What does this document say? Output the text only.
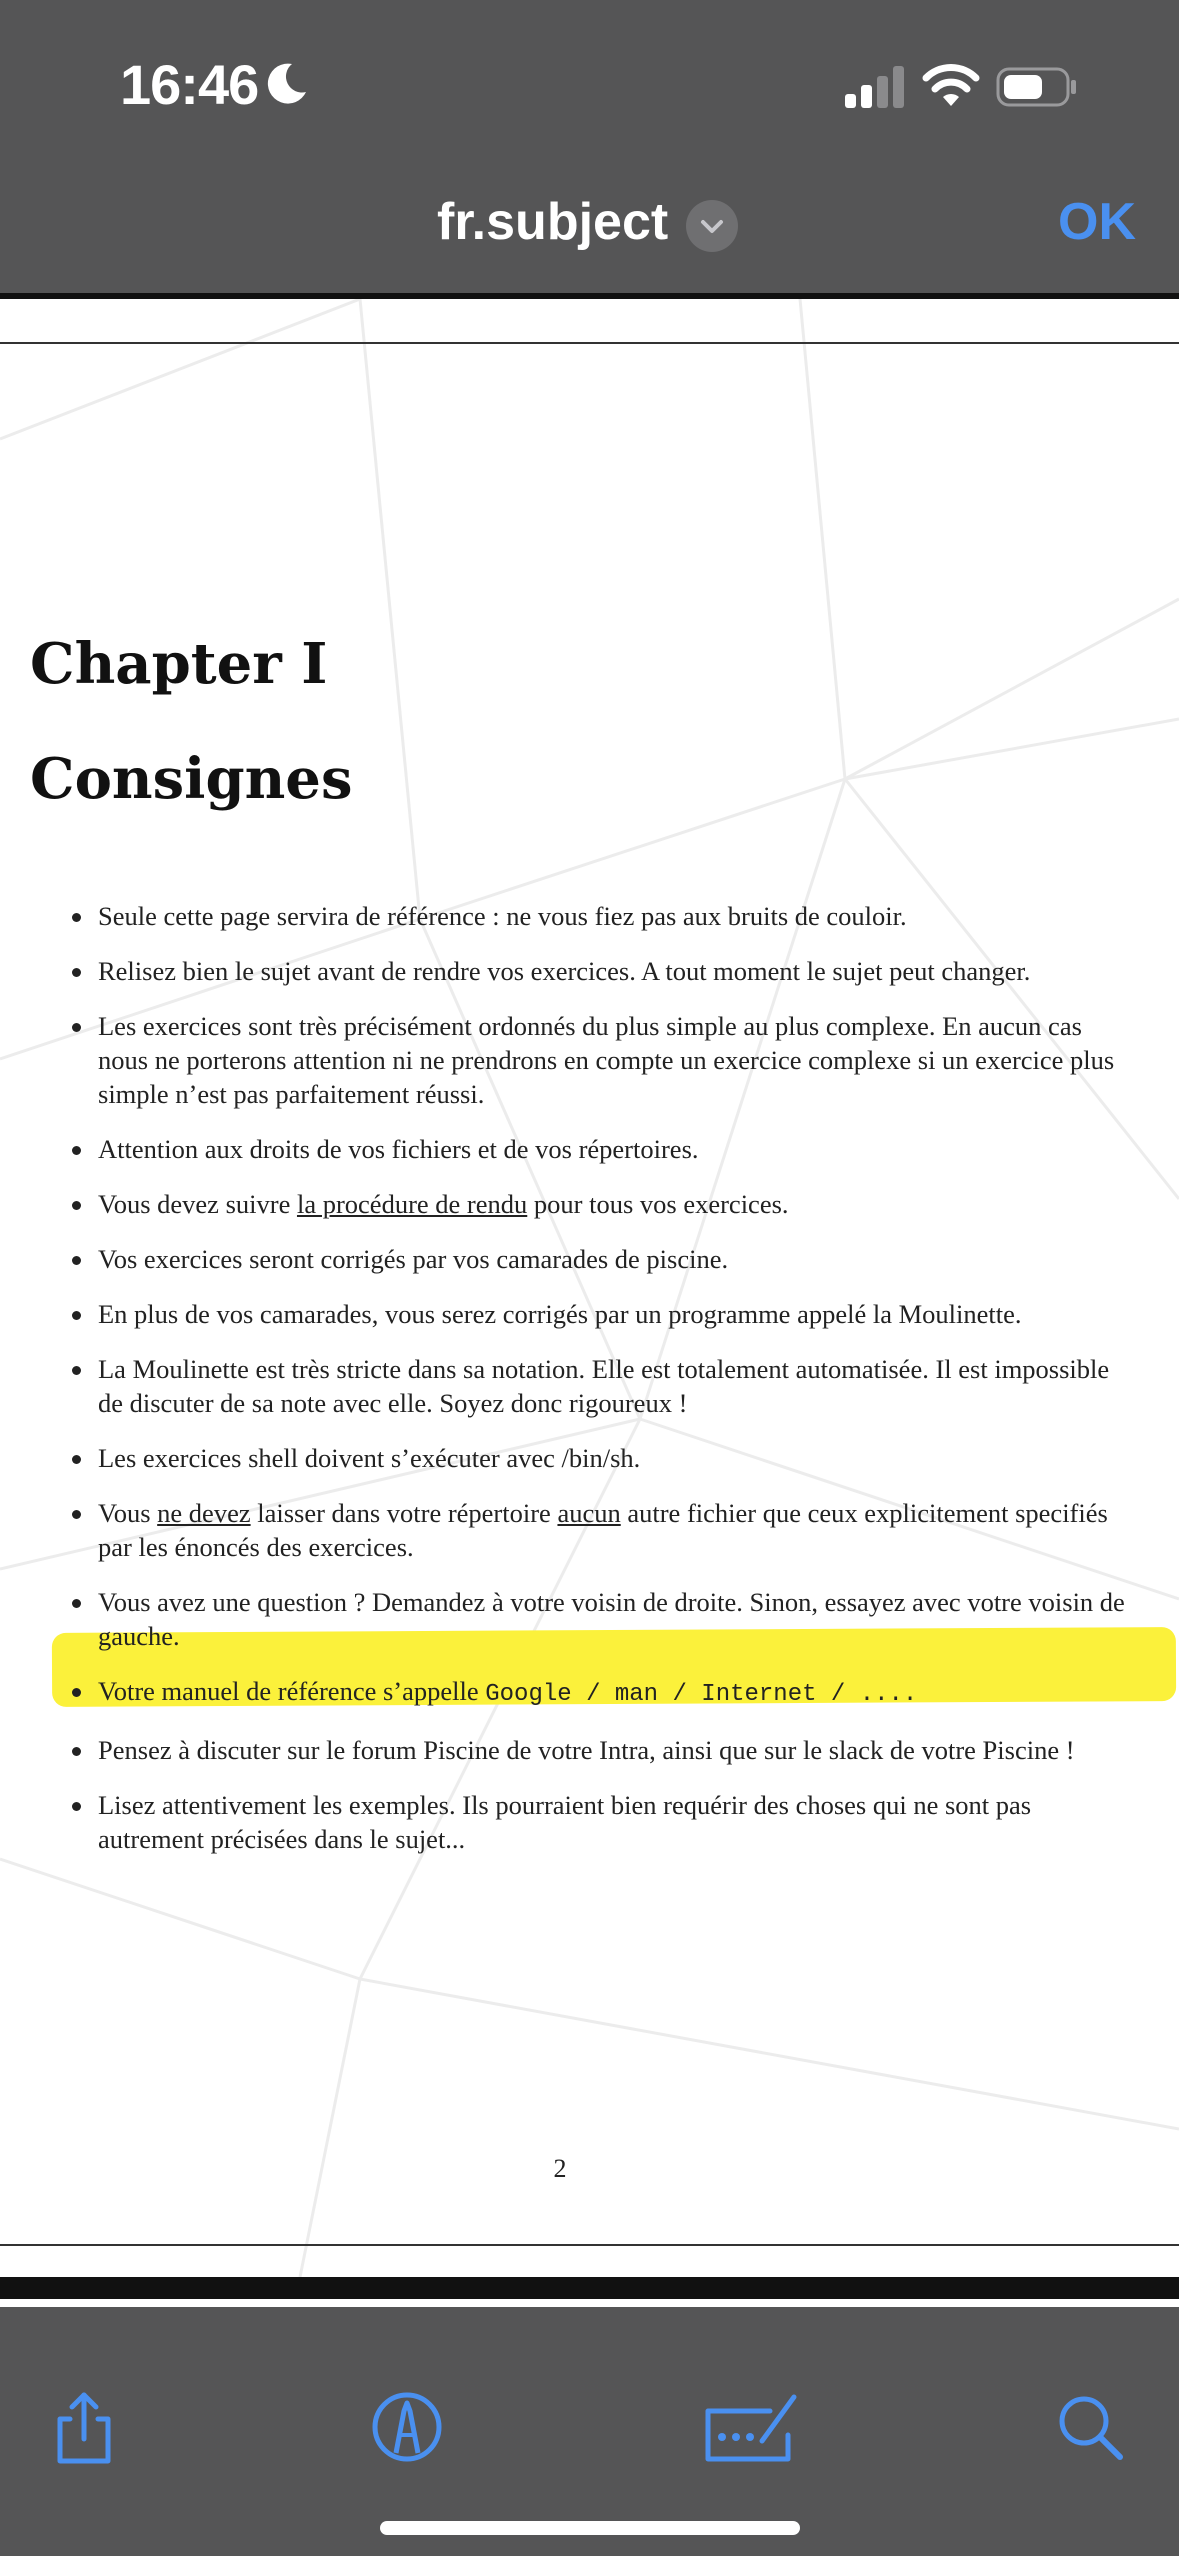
16:46
fr.subject	OK
Chapter I
Consignes
Seule cette page servira de référence : ne vous fiez pas aux bruits de couloir.
Relisez bien le sujet avant de rendre vos exercices. A tout moment le sujet peut changer.
Les exercices sont très précisément ordonnés du plus simple au plus complexe. En aucun cas nous ne porterons attention ni ne prendrons en compte un exercice complexe si un exercice plus simple n’est pas parfaitement réussi.
Attention aux droits de vos fichiers et de vos répertoires.
Vous devez suivre la procédure de rendu pour tous vos exercices.
Vos exercices seront corrigés par vos camarades de piscine.
En plus de vos camarades, vous serez corrigés par un programme appelé la Moulinette.
La Moulinette est très stricte dans sa notation. Elle est totalement automatisée. Il est impossible de discuter de sa note avec elle. Soyez donc rigoureux !
Les exercices shell doivent s’exécuter avec /bin/sh.
Vous ne devez laisser dans votre répertoire aucun autre fichier que ceux explicitement specifiés par les énoncés des exercices.
Vous avez une question ? Demandez à votre voisin de droite. Sinon, essayez avec votre voisin de gauche.
Votre manuel de référence s’appelle Google / man / Internet / ....
Pensez à discuter sur le forum Piscine de votre Intra, ainsi que sur le slack de votre Piscine !
Lisez attentivement les exemples. Ils pourraient bien requérir des choses qui ne sont pas autrement précisées dans le sujet...
2
